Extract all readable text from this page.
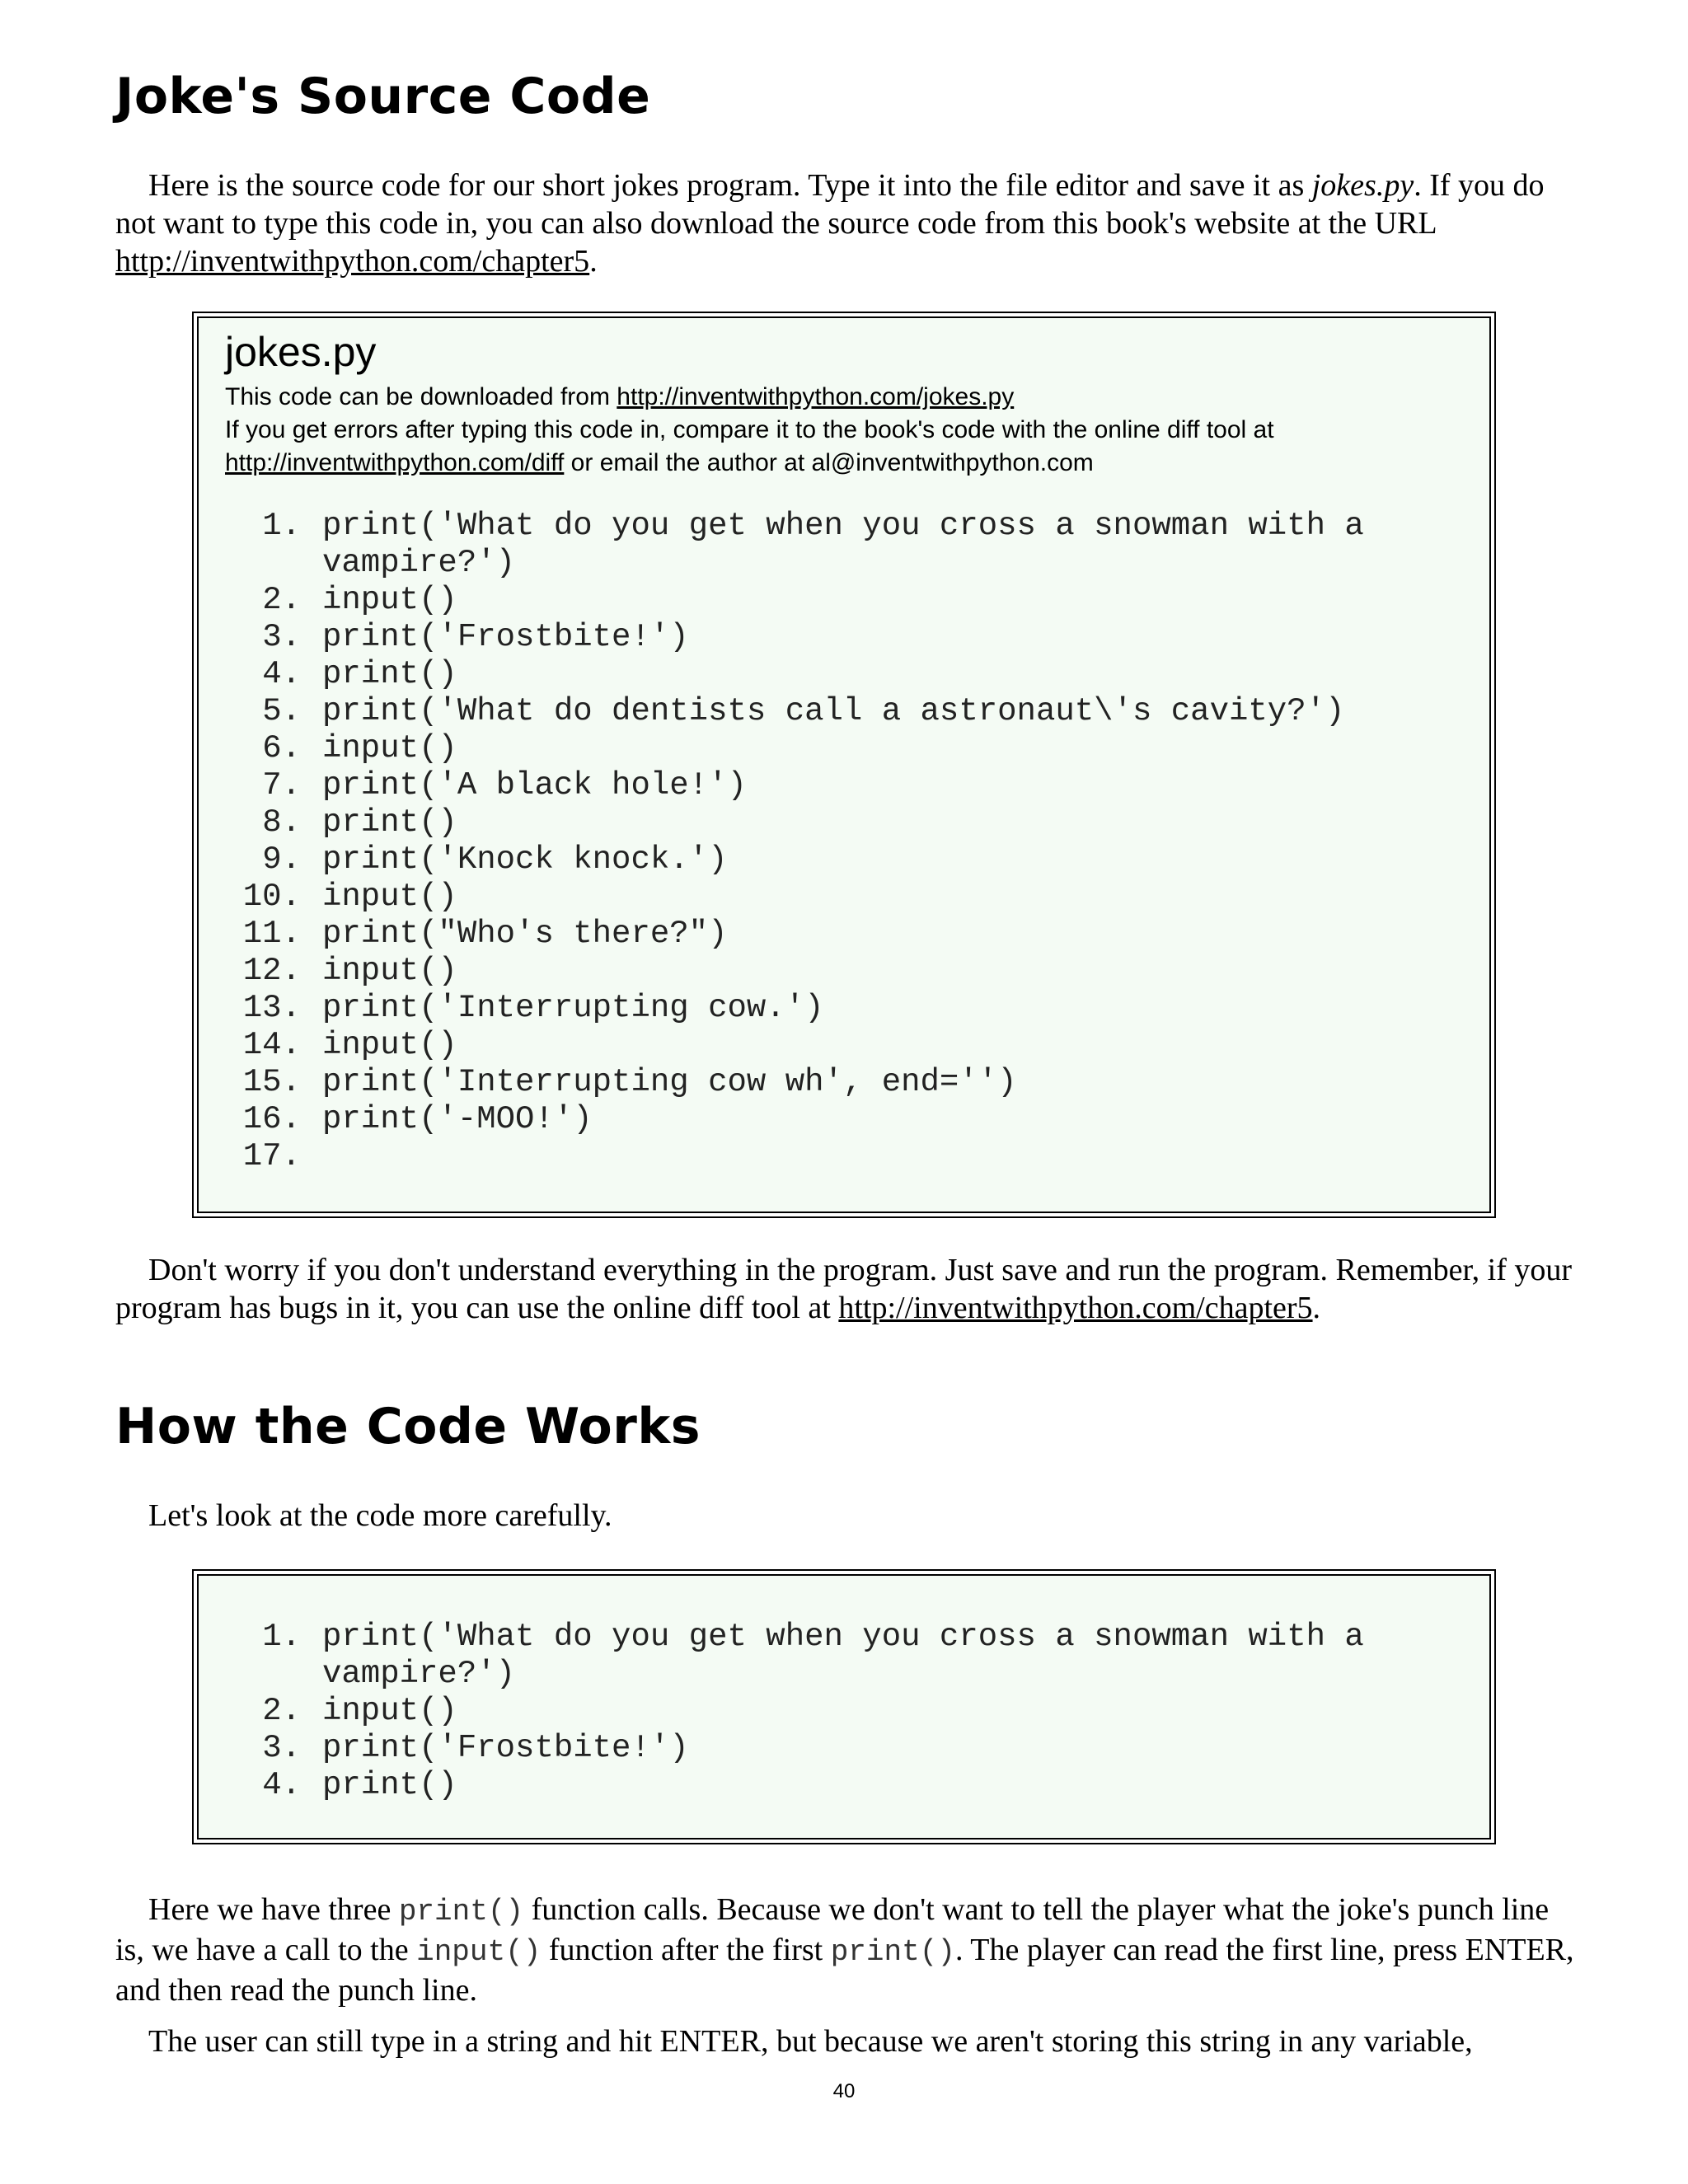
Joke's Source Code

Here is the source code for our short jokes program. Type it into the file editor and save it as jokes.py. If you do not want to type this code in, you can also download the source code from this book's website at the URL http://inventwithpython.com/chapter5.

jokes.py
This code can be downloaded from http://inventwithpython.com/jokes.py
If you get errors after typing this code in, compare it to the book's code with the online diff tool at
http://inventwithpython.com/diff or email the author at al@inventwithpython.com
1. print('What do you get when you cross a snowman with a
vampire?')
2. input()
3. print('Frostbite!')
4. print()
5. print('What do dentists call a astronaut\'s cavity?')
6. input()
7. print('A black hole!')
8. print()
9. print('Knock knock.')
10. input()
11. print("Who's there?")
12. input()
13. print('Interrupting cow.')
14. input()
15. print('Interrupting cow wh', end='')
16. print('-MOO!')
17.

Don't worry if you don't understand everything in the program. Just save and run the program. Remember, if your program has bugs in it, you can use the online diff tool at http://inventwithpython.com/chapter5.

How the Code Works

Let's look at the code more carefully.

1. print('What do you get when you cross a snowman with a
vampire?')
2. input()
3. print('Frostbite!')
4. print()

Here we have three print() function calls. Because we don't want to tell the player what the joke's punch line is, we have a call to the input() function after the first print(). The player can read the first line, press ENTER, and then read the punch line.

The user can still type in a string and hit ENTER, but because we aren't storing this string in any variable,

40
